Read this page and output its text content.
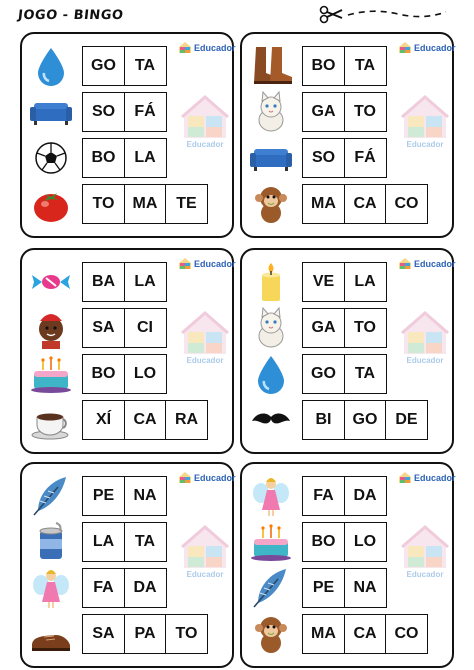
JOGO - BINGO
GO	TA
SO	FÁ
BO	LA
TO	MA	TE
Educador
Educador
BO	TA
GA	TO
SO	FÁ
MA	CA	CO
Educador
Educador
BA	LA
SA	CI
BO	LO
XÍ	CA	RA
Educador
Educador
VE	LA
GA	TO
GO	TA
BI	GO	DE
Educador
Educador
PE	NA
LA	TA
FA	DA
SA	PA	TO
Educador
Educador
FA	DA
BO	LO
PE	NA
MA	CA	CO
Educador
Educador
